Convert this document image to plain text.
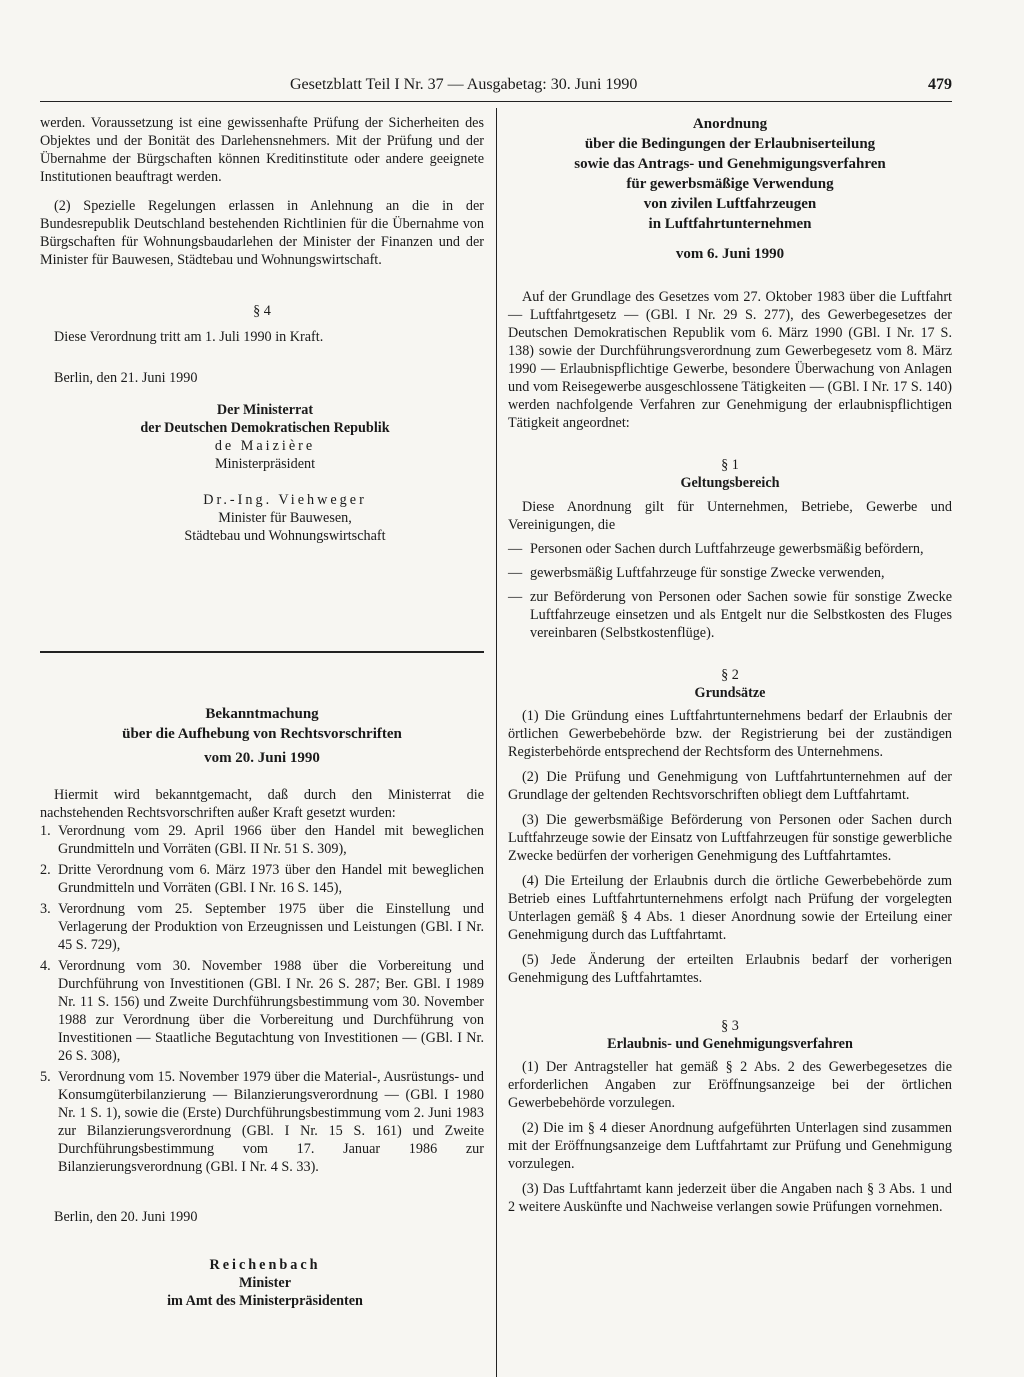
Gesetzblatt Teil I Nr. 37 — Ausgabetag: 30. Juni 1990	479

werden. Voraussetzung ist eine gewissenhafte Prüfung der Sicherheiten des Objektes und der Bonität des Darlehensnehmers. Mit der Prüfung und der Übernahme der Bürgschaften können Kreditinstitute oder andere geeignete Institutionen beauftragt werden.

(2) Spezielle Regelungen erlassen in Anlehnung an die in der Bundesrepublik Deutschland bestehenden Richtlinien für die Übernahme von Bürgschaften für Wohnungsbaudarlehen der Minister der Finanzen und der Minister für Bauwesen, Städtebau und Wohnungswirtschaft.

§ 4

Diese Verordnung tritt am 1. Juli 1990 in Kraft.

Berlin, den 21. Juni 1990

Der Ministerrat
der Deutschen Demokratischen Republik
de Maizière
Ministerpräsident
Dr.-Ing. Viehweger
Minister für Bauwesen,
Städtebau und Wohnungswirtschaft
Bekanntmachung
über die Aufhebung von Rechtsvorschriften
vom 20. Juni 1990

Hiermit wird bekanntgemacht, daß durch den Ministerrat die nachstehenden Rechtsvorschriften außer Kraft gesetzt wurden:

1. Verordnung vom 29. April 1966 über den Handel mit beweglichen Grundmitteln und Vorräten (GBl. II Nr. 51 S. 309),
2. Dritte Verordnung vom 6. März 1973 über den Handel mit beweglichen Grundmitteln und Vorräten (GBl. I Nr. 16 S. 145),
3. Verordnung vom 25. September 1975 über die Einstellung und Verlagerung der Produktion von Erzeugnissen und Leistungen (GBl. I Nr. 45 S. 729),
4. Verordnung vom 30. November 1988 über die Vorbereitung und Durchführung von Investitionen (GBl. I Nr. 26 S. 287; Ber. GBl. I 1989 Nr. 11 S. 156) und Zweite Durchführungsbestimmung vom 30. November 1988 zur Verordnung über die Vorbereitung und Durchführung von Investitionen — Staatliche Begutachtung von Investitionen — (GBl. I Nr. 26 S. 308),
5. Verordnung vom 15. November 1979 über die Material-, Ausrüstungs- und Konsumgüterbilanzierung — Bilanzierungsverordnung — (GBl. I 1980 Nr. 1 S. 1), sowie die (Erste) Durchführungsbestimmung vom 2. Juni 1983 zur Bilanzierungsverordnung (GBl. I Nr. 15 S. 161) und Zweite Durchführungsbestimmung vom 17. Januar 1986 zur Bilanzierungsverordnung (GBl. I Nr. 4 S. 33).

Berlin, den 20. Juni 1990

Reichenbach
Minister
im Amt des Ministerpräsidenten
Anordnung
über die Bedingungen der Erlaubniserteilung
sowie das Antrags- und Genehmigungsverfahren
für gewerbsmäßige Verwendung
von zivilen Luftfahrzeugen
in Luftfahrtunternehmen
vom 6. Juni 1990

Auf der Grundlage des Gesetzes vom 27. Oktober 1983 über die Luftfahrt — Luftfahrtgesetz — (GBl. I Nr. 29 S. 277), des Gewerbegesetzes der Deutschen Demokratischen Republik vom 6. März 1990 (GBl. I Nr. 17 S. 138) sowie der Durchführungsverordnung zum Gewerbegesetz vom 8. März 1990 — Erlaubnispflichtige Gewerbe, besondere Überwachung von Anlagen und vom Reisegewerbe ausgeschlossene Tätigkeiten — (GBl. I Nr. 17 S. 140) werden nachfolgende Verfahren zur Genehmigung der erlaubnispflichtigen Tätigkeit angeordnet:

§ 1
Geltungsbereich

Diese Anordnung gilt für Unternehmen, Betriebe, Gewerbe und Vereinigungen, die

— Personen oder Sachen durch Luftfahrzeuge gewerbsmäßig befördern,
— gewerbsmäßig Luftfahrzeuge für sonstige Zwecke verwenden,
— zur Beförderung von Personen oder Sachen sowie für sonstige Zwecke Luftfahrzeuge einsetzen und als Entgelt nur die Selbstkosten des Fluges vereinbaren (Selbstkostenflüge).
§ 2
Grundsätze

(1) Die Gründung eines Luftfahrtunternehmens bedarf der Erlaubnis der örtlichen Gewerbebehörde bzw. der Registrierung bei der zuständigen Registerbehörde entsprechend der Rechtsform des Unternehmens.

(2) Die Prüfung und Genehmigung von Luftfahrtunternehmen auf der Grundlage der geltenden Rechtsvorschriften obliegt dem Luftfahrtamt.

(3) Die gewerbsmäßige Beförderung von Personen oder Sachen durch Luftfahrzeuge sowie der Einsatz von Luftfahrzeugen für sonstige gewerbliche Zwecke bedürfen der vorherigen Genehmigung des Luftfahrtamtes.

(4) Die Erteilung der Erlaubnis durch die örtliche Gewerbebehörde zum Betrieb eines Luftfahrtunternehmens erfolgt nach Prüfung der vorgelegten Unterlagen gemäß § 4 Abs. 1 dieser Anordnung sowie der Erteilung einer Genehmigung durch das Luftfahrtamt.

(5) Jede Änderung der erteilten Erlaubnis bedarf der vorherigen Genehmigung des Luftfahrtamtes.

§ 3
Erlaubnis- und Genehmigungsverfahren

(1) Der Antragsteller hat gemäß § 2 Abs. 2 des Gewerbegesetzes die erforderlichen Angaben zur Eröffnungsanzeige bei der örtlichen Gewerbebehörde vorzulegen.

(2) Die im § 4 dieser Anordnung aufgeführten Unterlagen sind zusammen mit der Eröffnungsanzeige dem Luftfahrtamt zur Prüfung und Genehmigung vorzulegen.

(3) Das Luftfahrtamt kann jederzeit über die Angaben nach § 3 Abs. 1 und 2 weitere Auskünfte und Nachweise verlangen sowie Prüfungen vornehmen.
